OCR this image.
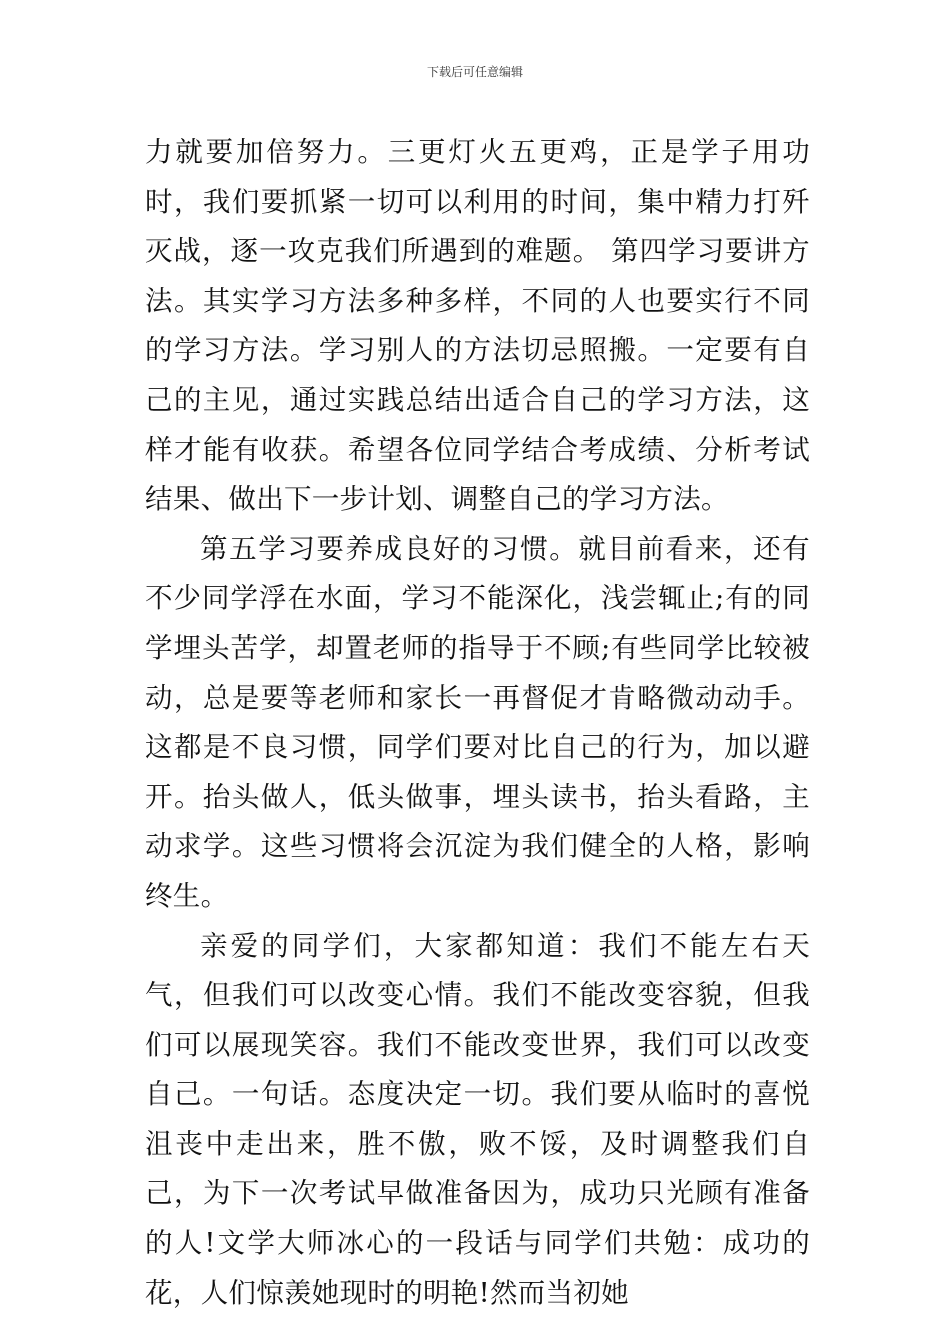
下载后可任意编辑

力就要加倍努力。三更灯火五更鸡，正是学子用功时，我们要抓紧一切可以利用的时间，集中精力打歼灭战，逐一攻克我们所遇到的难题。 第四学习要讲方法。其实学习方法多种多样，不同的人也要实行不同的学习方法。学习别人的方法切忌照搬。一定要有自己的主见，通过实践总结出适合自己的学习方法，这样才能有收获。希望各位同学结合考成绩、分析考试结果、做出下一步计划、调整自己的学习方法。

第五学习要养成良好的习惯。就目前看来，还有不少同学浮在水面，学习不能深化，浅尝辄止;有的同学埋头苦学，却置老师的指导于不顾;有些同学比较被动，总是要等老师和家长一再督促才肯略微动动手。这都是不良习惯，同学们要对比自己的行为，加以避开。抬头做人，低头做事，埋头读书，抬头看路，主动求学。这些习惯将会沉淀为我们健全的人格，影响终生。

亲爱的同学们，大家都知道：我们不能左右天气，但我们可以改变心情。我们不能改变容貌，但我们可以展现笑容。我们不能改变世界，我们可以改变自己。一句话。态度决定一切。我们要从临时的喜悦沮丧中走出来，胜不傲，败不馁，及时调整我们自己，为下一次考试早做准备因为，成功只光顾有准备的人!文学大师冰心的一段话与同学们共勉：成功的花，人们惊羡她现时的明艳!然而当初她
